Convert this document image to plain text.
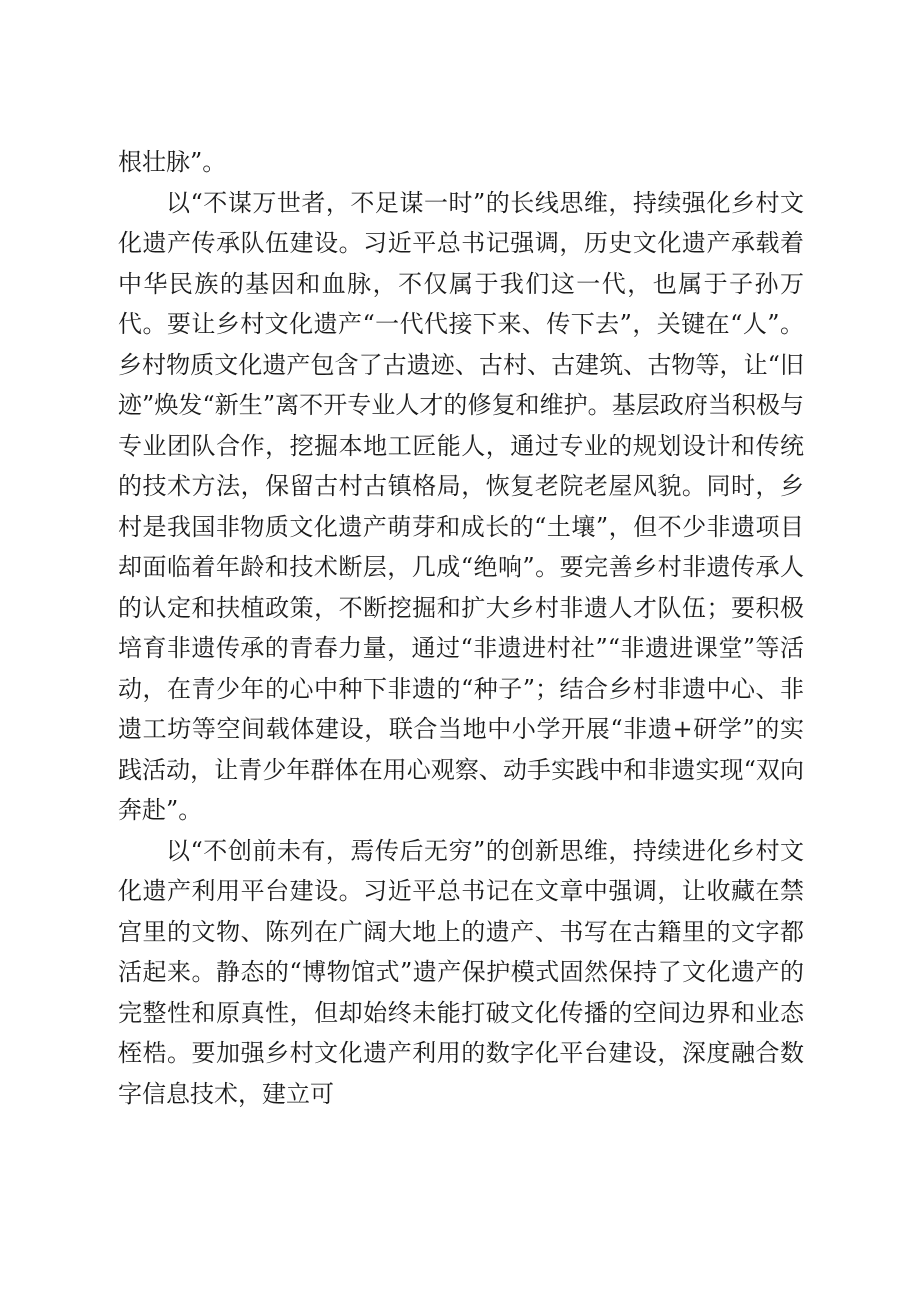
根壮脉”。

以“不谋万世者，不足谋一时”的长线思维，持续强化乡村文化遗产传承队伍建设。习近平总书记强调，历史文化遗产承载着中华民族的基因和血脉，不仅属于我们这一代，也属于子孙万代。要让乡村文化遗产“一代代接下来、传下去”，关键在“人”。乡村物质文化遗产包含了古遗迹、古村、古建筑、古物等，让“旧迹”焕发“新生”离不开专业人才的修复和维护。基层政府当积极与专业团队合作，挖掘本地工匠能人，通过专业的规划设计和传统的技术方法，保留古村古镇格局，恢复老院老屋风貌。同时，乡村是我国非物质文化遗产萌芽和成长的“土壤”，但不少非遗项目却面临着年龄和技术断层，几成“绝响”。要完善乡村非遗传承人的认定和扶植政策，不断挖掘和扩大乡村非遗人才队伍；要积极培育非遗传承的青春力量，通过“非遗进村社”“非遗进课堂”等活动，在青少年的心中种下非遗的“种子”；结合乡村非遗中心、非遗工坊等空间载体建设，联合当地中小学开展“非遗+研学”的实践活动，让青少年群体在用心观察、动手实践中和非遗实现“双向奔赴”。

以“不创前未有，焉传后无穷”的创新思维，持续进化乡村文化遗产利用平台建设。习近平总书记在文章中强调，让收藏在禁宫里的文物、陈列在广阔大地上的遗产、书写在古籍里的文字都活起来。静态的“博物馆式”遗产保护模式固然保持了文化遗产的完整性和原真性，但却始终未能打破文化传播的空间边界和业态桎梏。要加强乡村文化遗产利用的数字化平台建设，深度融合数字信息技术，建立可
